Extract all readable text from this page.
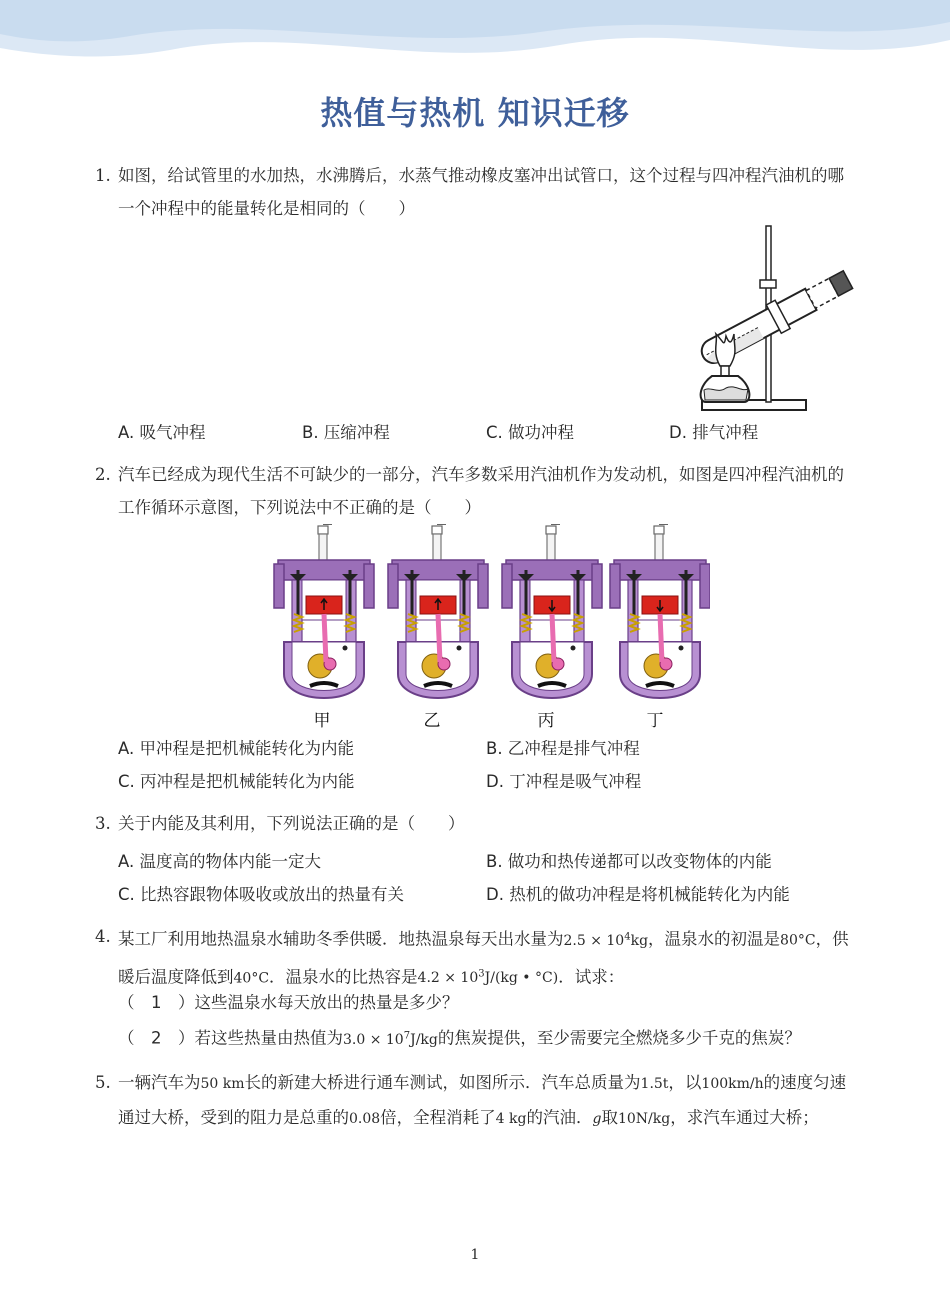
热值与热机 知识迁移
1. 如图，给试管里的水加热，水沸腾后，水蒸气推动橡皮塞冲出试管口，这个过程与四冲程汽油机的哪一个冲程中的能量转化是相同的（　　）
A. 吸气冲程	B. 压缩冲程	C. 做功冲程	D. 排气冲程
2. 汽车已经成为现代生活不可缺少的一部分，汽车多数采用汽油机作为发动机，如图是四冲程汽油机的工作循环示意图，下列说法中不正确的是（　　）
甲	乙	丙	丁
A. 甲冲程是把机械能转化为内能	B. 乙冲程是排气冲程
C. 丙冲程是把机械能转化为内能	D. 丁冲程是吸气冲程
3. 关于内能及其利用，下列说法正确的是（　　）
A. 温度高的物体内能一定大	B. 做功和热传递都可以改变物体的内能
C. 比热容跟物体吸收或放出的热量有关	D. 热机的做功冲程是将机械能转化为内能
4. 某工厂利用地热温泉水辅助冬季供暖．地热温泉每天出水量为$2.5 \times 10^4kg$，温泉水的初温是80°C，供
暖后温度降低到40°C．温泉水的比热容是$4.2 \times 10^3J/(kg$ • °C)．试求：
（　1　）这些温泉水每天放出的热量是多少？
（　2　）若这些热量由热值为$3.0 \times 10^7J/kg$的焦炭提供，至少需要完全燃烧多少千克的焦炭？
5. 一辆汽车为50 km长的新建大桥进行通车测试，如图所示．汽车总质量为1.5t，以100km/h的速度匀速
通过大桥，受到的阻力是总重的0.08倍，全程消耗了4 kg的汽油．g取10N/kg，求汽车通过大桥；
1
